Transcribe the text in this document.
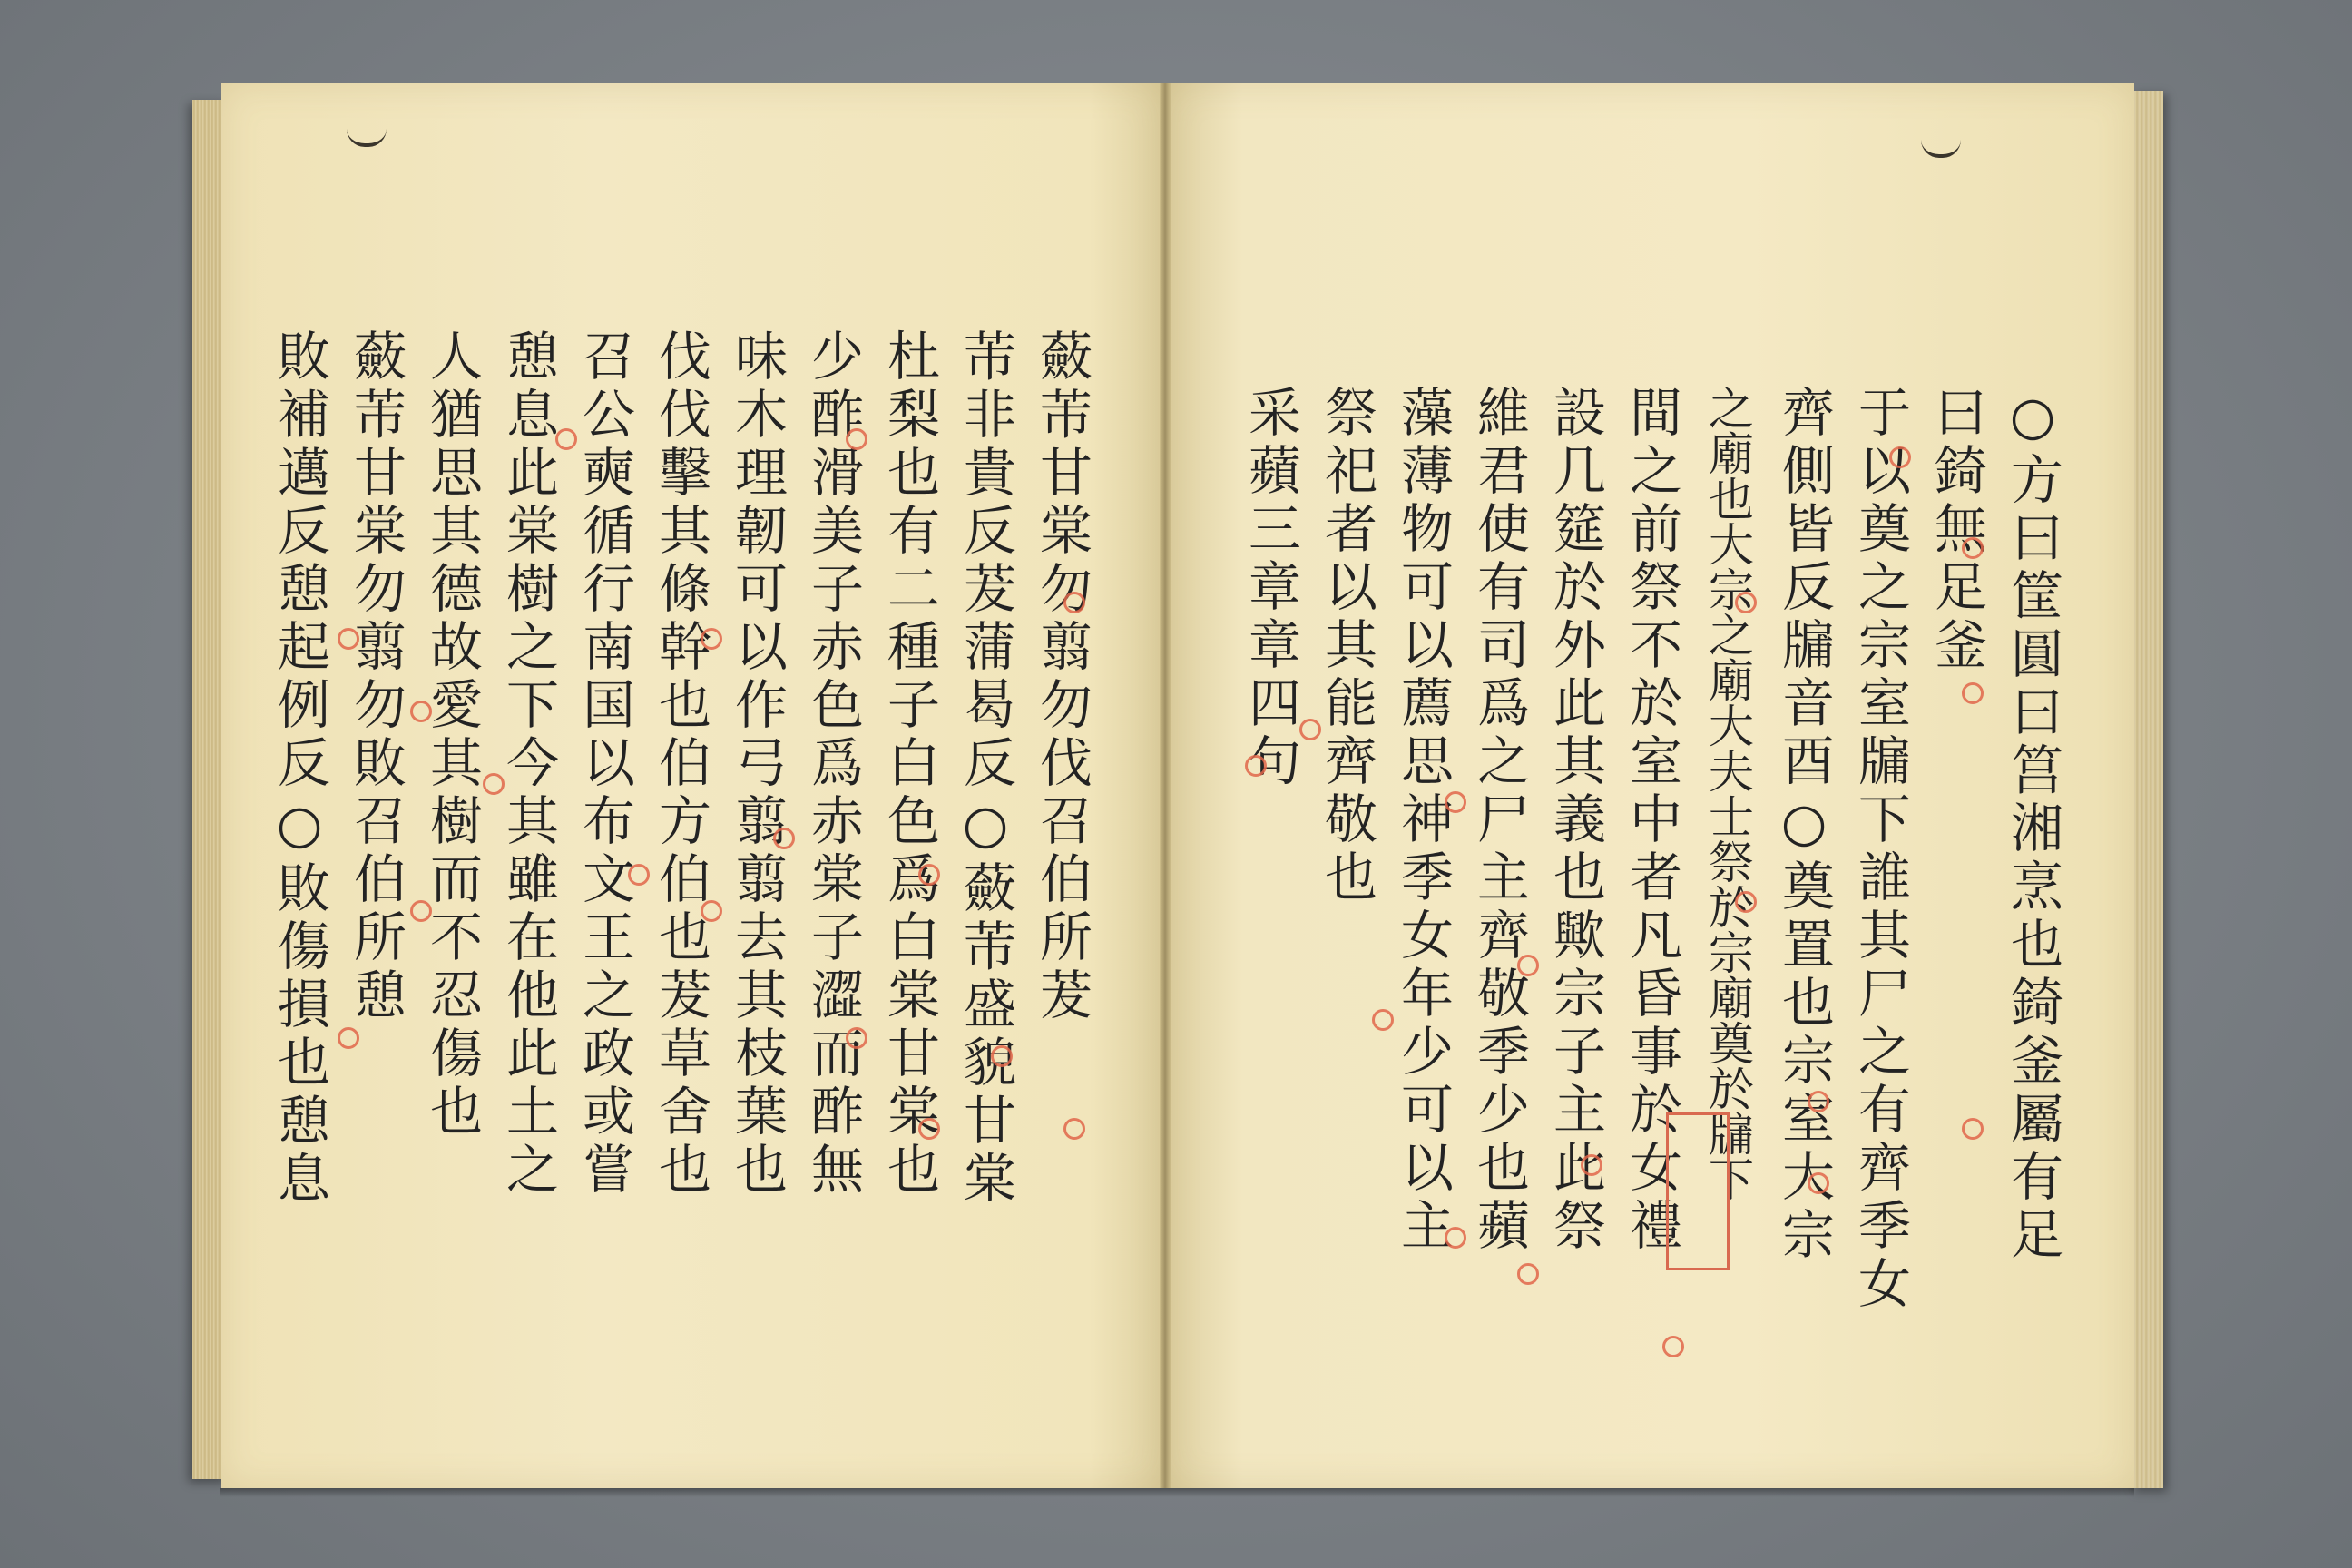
○方曰筐圓曰筥湘烹也錡釜屬有足
曰錡無足釜
于以奠之宗室牖下誰其尸之有齊季女
齊側皆反牖音酉○奠置也宗室大宗
之廟也大宗之廟大夫士祭於宗廟奠於牖下
間之前祭不於室中者凡昏事於女禮
設几筵於外此其義也歟宗子主此祭
維君使有司爲之尸主齊敬季少也蘋
藻薄物可以薦思神季女年少可以主
祭祀者以其能齊敬也
采蘋三章章四句
蘞芾甘棠勿翦勿伐召伯所茇
芾非貴反茇蒲曷反○蘞芾盛貌甘棠
杜梨也有二種子白色爲白棠甘棠也
少酢滑美子赤色爲赤棠子澀而酢無
味木理韌可以作弓翦翦去其枝葉也
伐伐擊其條幹也伯方伯也茇草舍也
召公奭循行南国以布文王之政或嘗
憩息此棠樹之下今其雖在他此土之
人猶思其德故愛其樹而不忍傷也
蘞芾甘棠勿翦勿敗召伯所憩
敗補邁反憩起例反○敗傷損也憩息
